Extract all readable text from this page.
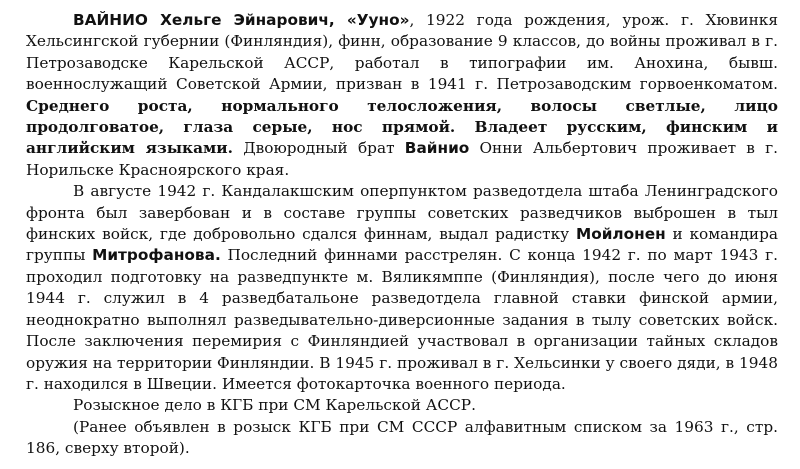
ВАЙНИО Хельге Эйнарович, «Ууно», 1922 года рождения, урож. г. Хювинкя Хельсингской губернии (Финляндия), финн, образование 9 классов, до войны проживал в г. Петрозаводске Карельской АССР, работал в типографии им. Анохина, бывш. военнослужащий Советской Армии, призван в 1941 г. Петрозаводским горвоенкоматом. Среднего роста, нормального телосложения, волосы светлые, лицо продолговатое, глаза серые, нос прямой. Владеет русским, финским и английским языками. Двоюродный брат Вайнио Онни Альбертович проживает в г. Норильске Красноярского края.

В августе 1942 г. Кандалакшским оперпунктом разведотдела штаба Ленинградского фронта был завербован и в составе группы советских разведчиков выброшен в тыл финских войск, где добровольно сдался финнам, выдал радистку Мойлонен и командира группы Митрофанова. Последний финнами расстрелян. С конца 1942 г. по март 1943 г. проходил подготовку на разведпункте м. Вяликямппе (Финляндия), после чего до июня 1944 г. служил в 4 разведбатальоне разведотдела главной ставки финской армии, неоднократно выполнял разведывательно-диверсионные задания в тылу советских войск. После заключения перемирия с Финляндией участвовал в организации тайных складов оружия на территории Финляндии. В 1945 г. проживал в г. Хельсинки у своего дяди, в 1948 г. находился в Швеции. Имеется фотокарточка военного периода.

Розыскное дело в КГБ при СМ Карельской АССР.

(Ранее объявлен в розыск КГБ при СМ СССР алфавитным списком за 1963 г., стр. 186, сверху второй).
